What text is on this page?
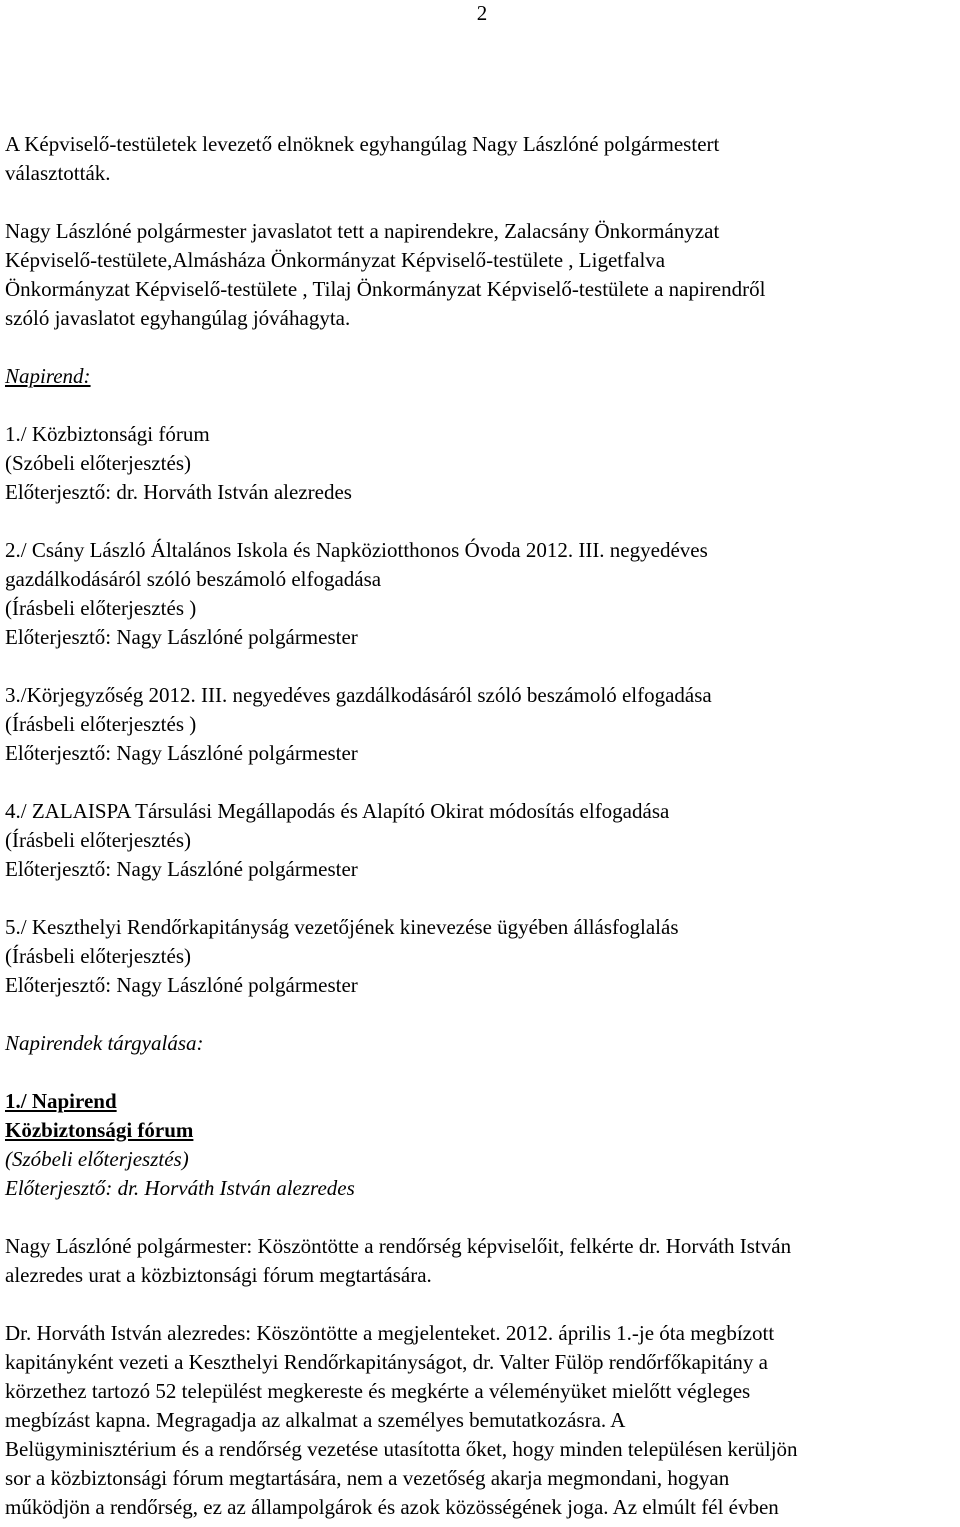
2

A Képviselő-testületek levezető elnöknek egyhangúlag Nagy Lászlóné polgármestert
választották.

Nagy Lászlóné polgármester javaslatot tett a napirendekre, Zalacsány Önkormányzat
Képviselő-testülete,Almásháza Önkormányzat Képviselő-testülete , Ligetfalva
Önkormányzat Képviselő-testülete , Tilaj Önkormányzat Képviselő-testülete a napirendről
szóló javaslatot egyhangúlag jóváhagyta.

Napirend:

1./ Közbiztonsági fórum
(Szóbeli előterjesztés)
Előterjesztő: dr. Horváth István alezredes
2./ Csány László Általános Iskola és Napköziotthonos Óvoda 2012. III. negyedéves
gazdálkodásáról szóló beszámoló elfogadása
(Írásbeli előterjesztés )
Előterjesztő: Nagy Lászlóné polgármester
3./Körjegyzőség 2012. III. negyedéves gazdálkodásáról szóló beszámoló elfogadása
(Írásbeli előterjesztés )
Előterjesztő: Nagy Lászlóné polgármester
4./ ZALAISPA Társulási Megállapodás és Alapító Okirat módosítás elfogadása
(Írásbeli előterjesztés)
Előterjesztő: Nagy Lászlóné polgármester
5./ Keszthelyi Rendőrkapitányság vezetőjének kinevezése ügyében állásfoglalás
(Írásbeli előterjesztés)
Előterjesztő: Nagy Lászlóné polgármester

Napirendek tárgyalása:

1./ Napirend
Közbiztonsági fórum
(Szóbeli előterjesztés)
Előterjesztő: dr. Horváth István alezredes

Nagy Lászlóné polgármester: Köszöntötte a rendőrség képviselőit, felkérte dr. Horváth István
alezredes urat a közbiztonsági fórum megtartására.

Dr. Horváth István alezredes: Köszöntötte a megjelenteket. 2012. április 1.-je óta megbízott
kapitányként vezeti a Keszthelyi Rendőrkapitányságot, dr. Valter Fülöp rendőrfőkapitány a
körzethez tartozó 52 települést megkereste és megkérte a véleményüket mielőtt végleges
megbízást kapna. Megragadja az alkalmat a személyes bemutatkozásra. A
Belügyminisztérium és a rendőrség vezetése utasította őket, hogy minden településen kerüljön
sor a közbiztonsági fórum megtartására, nem a vezetőség akarja megmondani, hogyan
működjön a rendőrség, ez az állampolgárok és azok közösségének joga. Az elmúlt fél évben
